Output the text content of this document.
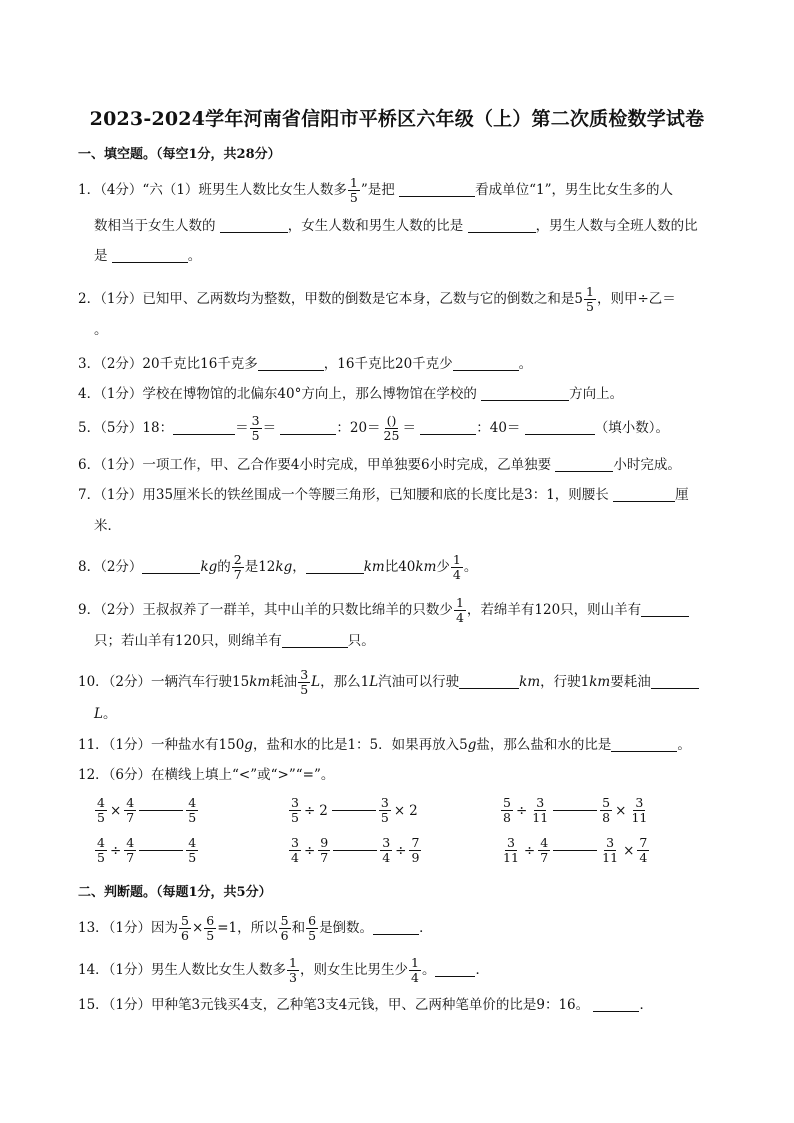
2023-2024学年河南省信阳市平桥区六年级（上）第二次质检数学试卷
一、填空题。（每空1分，共28分）
1．（4分）“六（1）班男生人数比女生人数多 $\frac{1}{5}$ ”是把	看成单位“1”，男生比女生多的人
数相当于女生人数的	，女生人数和男生人数的比是	，男生人数与全班人数的比
是	。
2．（1分）已知甲、乙两数均为整数，甲数的倒数是它本身，乙数与它的倒数之和是$5 \frac{1}{5}$ ，则甲÷乙＝
。
3．（2分）20千克比16千克多	，16千克比20千克少	。
4．（1分）学校在博物馆的北偏东40°方向上，那么博物馆在学校的	方向上。
5．（5分）18：	＝ $\frac{3}{5}$ ＝	：$20= \frac{()}{25}$ ＝	：40＝	（填小数）。
6．（1分）一项工作，甲、乙合作要4小时完成，甲单独要6小时完成，乙单独要	小时完成。
7．（1分）用35厘米长的铁丝围成一个等腰三角形，已知腰和底的长度比是3：1，则腰长	厘
米．
8．（2分）	kg的 $\frac{2}{7}$ 是12kg，	km比40km少 $\frac{1}{4}$ 。
9．（2分）王叔叔养了一群羊，其中山羊的只数比绵羊的只数少 $\frac{1}{4}$ ，若绵羊有120只，则山羊有
只；若山羊有120只，则绵羊有	只。
10．（2分）一辆汽车行驶15km耗油 $\frac{3}{5}$ L，那么1L汽油可以行驶	km，行驶1km要耗油
L。
11．（1分）一种盐水有150g，盐和水的比是1：5．如果再放入5g盐，那么盐和水的比是	。
12．（6分）在横线上填上“<”或“>”“=”。
$\frac{4}{5} \times \frac{4}{7}$	$\frac{4}{5}$	$\frac{3}{5} \div 2$	$\frac{3}{5} \times 2$	$\frac{5}{8} \div \frac{3}{11}$	$\frac{5}{8} \times \frac{3}{11}$
$\frac{4}{5} \div \frac{4}{7}$	$\frac{4}{5}$	$\frac{3}{4} \div \frac{9}{7}$	$\frac{3}{4} \div \frac{7}{9}$	$\frac{3}{11} \div \frac{4}{7}$	$\frac{3}{11} \times \frac{7}{4}$
二、判断题。（每题1分，共5分）
13．（1分）因为 $\frac{5}{6} \times \frac{6}{5} =1$，所以 $\frac{5}{6}$ 和 $\frac{6}{5}$ 是倒数。	．
14．（1分）男生人数比女生人数多 $\frac{1}{3}$ ，则女生比男生少 $\frac{1}{4}$ 。	．
15．（1分）甲种笔3元钱买4支，乙种笔3支4元钱，甲、乙两种笔单价的比是9：16。	．
